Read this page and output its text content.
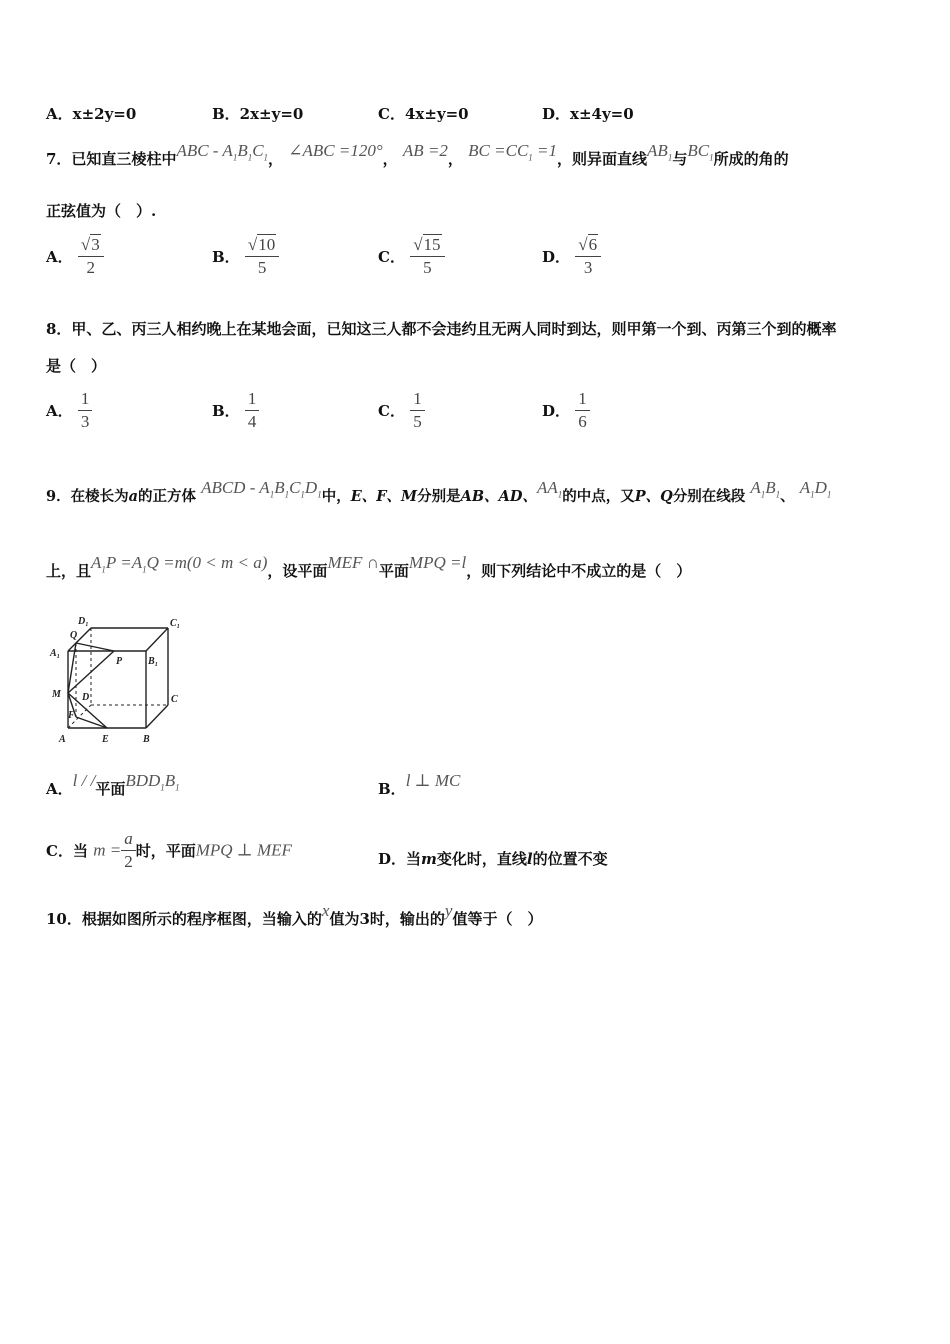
A．x±2y=0	B．2x±y=0	C．4x±y=0	D．x±4y=0
7．已知直三棱柱中ABC - $A_1B_1C_1$， ∠ABC =120°， AB =2， BC $=CC_1 =1$，则异面直线$AB_1$与$BC_1$所成的角的
正弦值为（　）.
A． $\frac{√3}{2}$	B． $\frac{√10}{5}$	C． $\frac{√15}{5}$	D． $\frac{√6}{3}$
8．甲、乙、丙三人相约晚上在某地会面，已知这三人都不会违约且无两人同时到达，则甲第一个到、丙第三个到的概率
是（　）
A． $\frac{1}{3}$	B． $\frac{1}{4}$	C． $\frac{1}{5}$	D． $\frac{1}{6}$
9．在棱长为a的正方体 ABCD - $A_1B_1C_1D_1$中，E、F、M分别是AB、AD、$AA_1$的中点，又P、Q分别在线段 $A_1B_1$、 $A_1D_1$
上，且$A_1P =A_1Q =m(0 < m < a)$，设平面MEF ∩平面MPQ =l，则下列结论中不成立的是（　）
D₁
Q
C₁
A₁
P	B₁
M D	C
F
A	E	B
A．l / /平面$BDD_1B_1$	B．l ⊥ MC
C．当 $m = \frac{a}{2}$ 时，平面MPQ ⊥ MEF	D．当m变化时，直线l的位置不变
10．根据如图所示的程序框图，当输入的x值为3时，输出的y值等于（　）
